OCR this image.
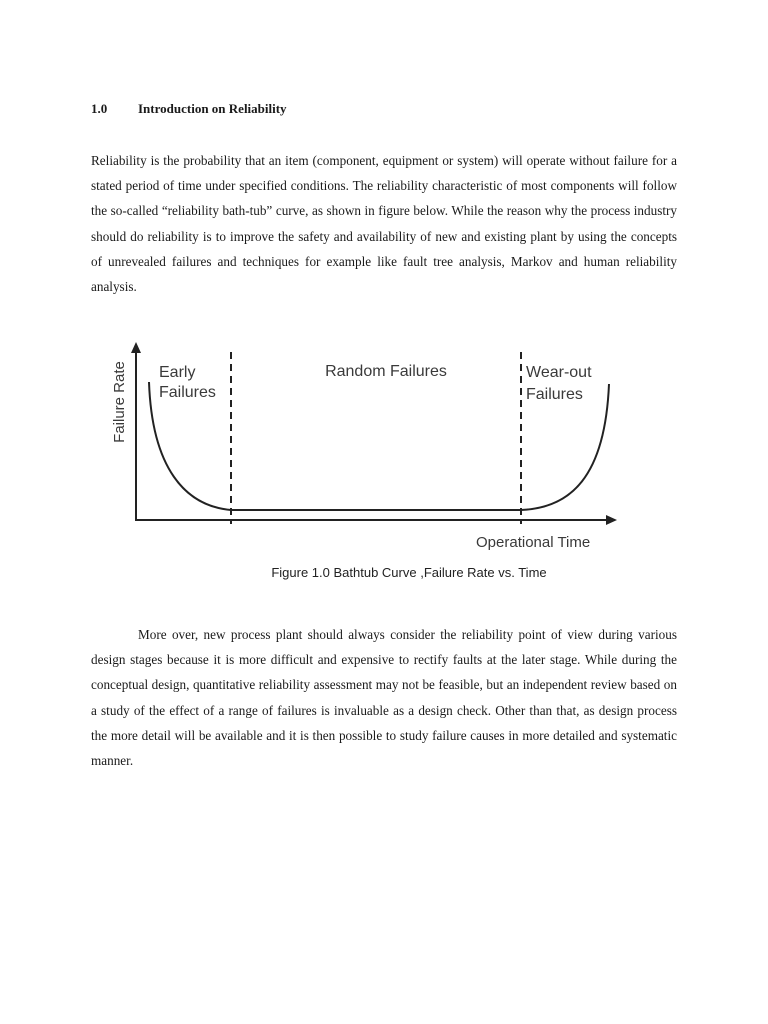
1.0 Introduction on Reliability

Reliability is the probability that an item (component, equipment or system) will operate without failure for a stated period of time under specified conditions. The reliability characteristic of most components will follow the so-called “reliability bath-tub” curve, as shown in figure below. While the reason why the process industry should do reliability is to improve the safety and availability of new and existing plant by using the concepts of unrevealed failures and techniques for example like fault tree analysis, Markov and human reliability analysis.

Failure Rate Early
Failures
Random Failures	Wear-out
Failures
Operational Time
Figure 1.0 Bathtub Curve ,Failure Rate vs. Time

More over, new process plant should always consider the reliability point of view during various design stages because it is more difficult and expensive to rectify faults at the later stage. While during the conceptual design, quantitative reliability assessment may not be feasible, but an independent review based on a study of the effect of a range of failures is invaluable as a design check. Other than that, as design process the more detail will be available and it is then possible to study failure causes in more detailed and systematic manner.
